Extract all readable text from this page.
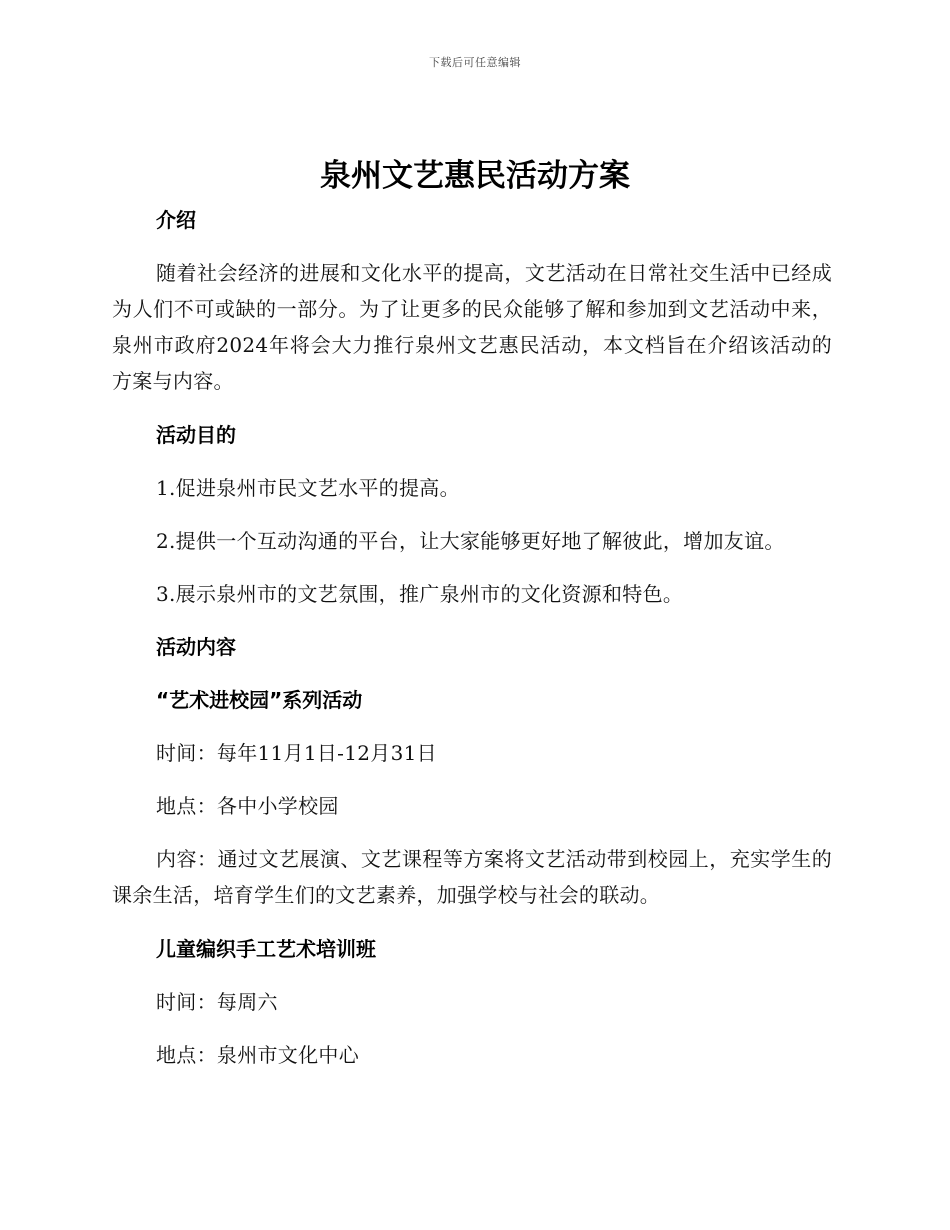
下载后可任意编辑
泉州文艺惠民活动方案
介绍

随着社会经济的进展和文化水平的提高，文艺活动在日常社交生活中已经成为人们不可或缺的一部分。为了让更多的民众能够了解和参加到文艺活动中来，泉州市政府2024年将会大力推行泉州文艺惠民活动，本文档旨在介绍该活动的方案与内容。

活动目的

1.促进泉州市民文艺水平的提高。

2.提供一个互动沟通的平台，让大家能够更好地了解彼此，增加友谊。

3.展示泉州市的文艺氛围，推广泉州市的文化资源和特色。

活动内容
“艺术进校园”系列活动

时间：每年11月1日-12月31日

地点：各中小学校园

内容：通过文艺展演、文艺课程等方案将文艺活动带到校园上，充实学生的课余生活，培育学生们的文艺素养，加强学校与社会的联动。

儿童编织手工艺术培训班

时间：每周六

地点：泉州市文化中心
